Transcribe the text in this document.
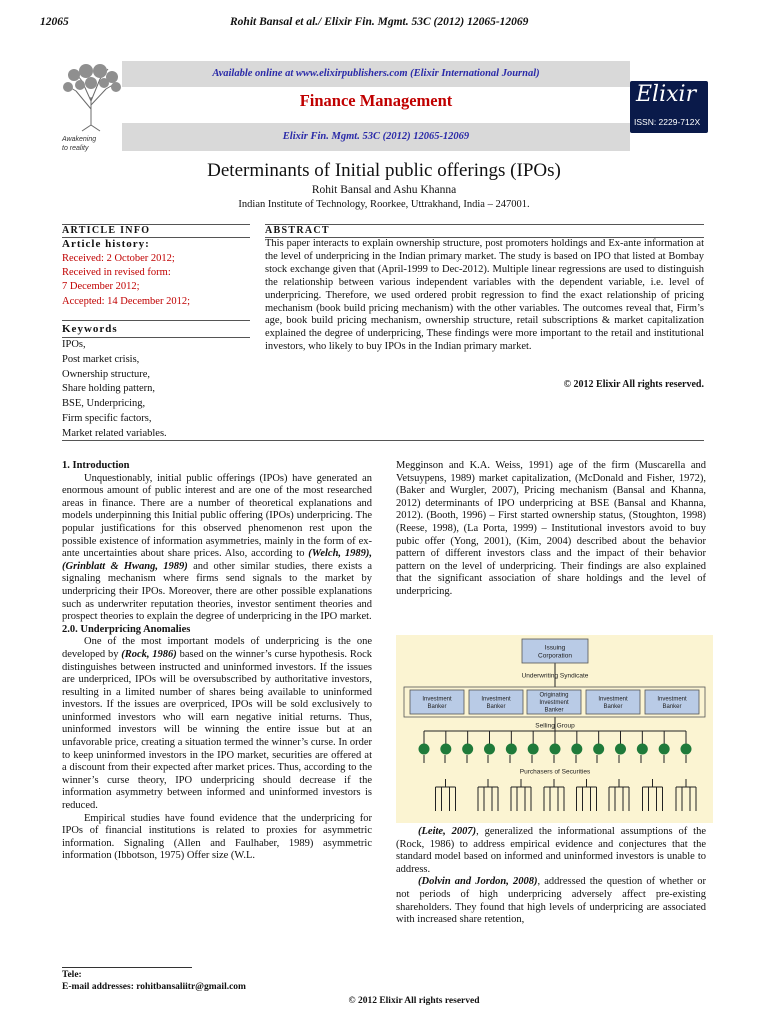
12065	Rohit Bansal et al./ Elixir Fin. Mgmt. 53C (2012) 12065-12069
Awakening
to reality
Available online at www.elixirpublishers.com (Elixir International Journal)
Finance Management
Elixir Fin. Mgmt. 53C (2012) 12065-12069
Elixir
ISSN: 2229-712X
Determinants of Initial public offerings (IPOs)
Rohit Bansal and Ashu Khanna
Indian Institute of Technology, Roorkee, Uttrakhand, India – 247001.
ARTICLE INFO
Article history:
Received: 2 October 2012;
Received in revised form:
7 December 2012;
Accepted: 14 December 2012;
Keywords
IPOs,
Post market crisis,
Ownership structure,
Share holding pattern,
BSE, Underpricing,
Firm specific factors,
Market related variables.
ABSTRACT
This paper interacts to explain ownership structure, post promoters holdings and Ex-ante information at the level of underpricing in the Indian primary market. The study is based on IPO that listed at Bombay stock exchange given that (April-1999 to Dec-2012). Multiple linear regressions are used to distinguish the relationship between various independent variables with the dependent variable, i.e. level of underpricing. Therefore, we used ordered probit regression to find the exact relationship of pricing mechanism (book build pricing mechanism) with the other variables. The outcomes reveal that, Firm’s age, book build pricing mechanism, ownership structure, retail subscriptions & market capitalization explained the degree of underpricing, These findings were more important to the retail and institutional investors, who likely to buy IPOs in the Indian primary market.
© 2012 Elixir All rights reserved.

1. Introduction

Unquestionably, initial public offerings (IPOs) have generated an enormous amount of public interest and are one of the most researched areas in finance. There are a number of theoretical explanations and models underpinning this Initial public offering (IPOs) underpricing. The popular justifications for this observed phenomenon rest upon the possible existence of information asymmetries, mainly in the form of ex-ante uncertainties about share prices. Also, according to (Welch, 1989), (Grinblatt & Hwang, 1989) and other similar studies, there exists a signaling mechanism where firms send signals to the market by underpricing their IPOs. Moreover, there are other possible explanations such as underwriter reputation theories, investor sentiment theories and prospect theories to explain the degree of underpricing in the IPO market.

2.0. Underpricing Anomalies

One of the most important models of underpricing is the one developed by (Rock, 1986) based on the winner’s curse hypothesis. Rock distinguishes between instructed and uninformed investors. If the issues are underpriced, IPOs will be oversubscribed by authoritative investors, resulting in a limited number of shares being available to uninformed investors. If the issues are overpriced, IPOs will be sold exclusively to uninformed investors who will earn negative initial returns. Thus, uninformed investors will be winning the entire issue but at an unfavorable price, creating a situation termed the winner’s curse. In order to keep uninformed investors in the IPO market, securities are offered at a discount from their expected after market prices. Thus, according to the winner’s curse theory, IPO underpricing should decrease if the information asymmetry between informed and uninformed investors is reduced.

Empirical studies have found evidence that the underpricing for IPOs of financial institutions is related to proxies for asymmetric information. Signaling (Allen and Faulhaber, 1989) asymmetric information (Ibbotson, 1975) Offer size (W.L.

Megginson and K.A. Weiss, 1991) age of the firm (Muscarella and Vetsuypens, 1989) market capitalization, (McDonald and Fisher, 1972), (Baker and Wurgler, 2007), Pricing mechanism (Bansal and Khanna, 2012) determinants of IPO underpricing at BSE (Bansal and Khanna, 2012). (Booth, 1996) – First started ownership status, (Stoughton, 1998) (Reese, 1998), (La Porta, 1999) – Institutional investors avoid to buy pubic offer (Yong, 2001), (Kim, 2004) described about the behavior pattern of different investors class and the impact of their behavior pattern on the level of underpricing. Their findings are also explained that the significant association of share holdings and the level of underpricing.

Issuing
Corporation
Underwriting Syndicate
Investment
Banker
Investment
Banker
Originating
Investment
Banker
Investment
Banker
Investment
Banker
Selling Group
Purchasers of Securities

(Leite, 2007), generalized the informational assumptions of the (Rock, 1986) to address empirical evidence and conjectures that the standard model based on informed and uninformed investors is unable to address.

(Dolvin and Jordon, 2008), addressed the question of whether or not periods of high underpricing adversely affect pre-existing shareholders. They found that high levels of underpricing are associated with increased share retention,

Tele:
E-mail addresses: rohitbansaliitr@gmail.com
© 2012 Elixir All rights reserved
